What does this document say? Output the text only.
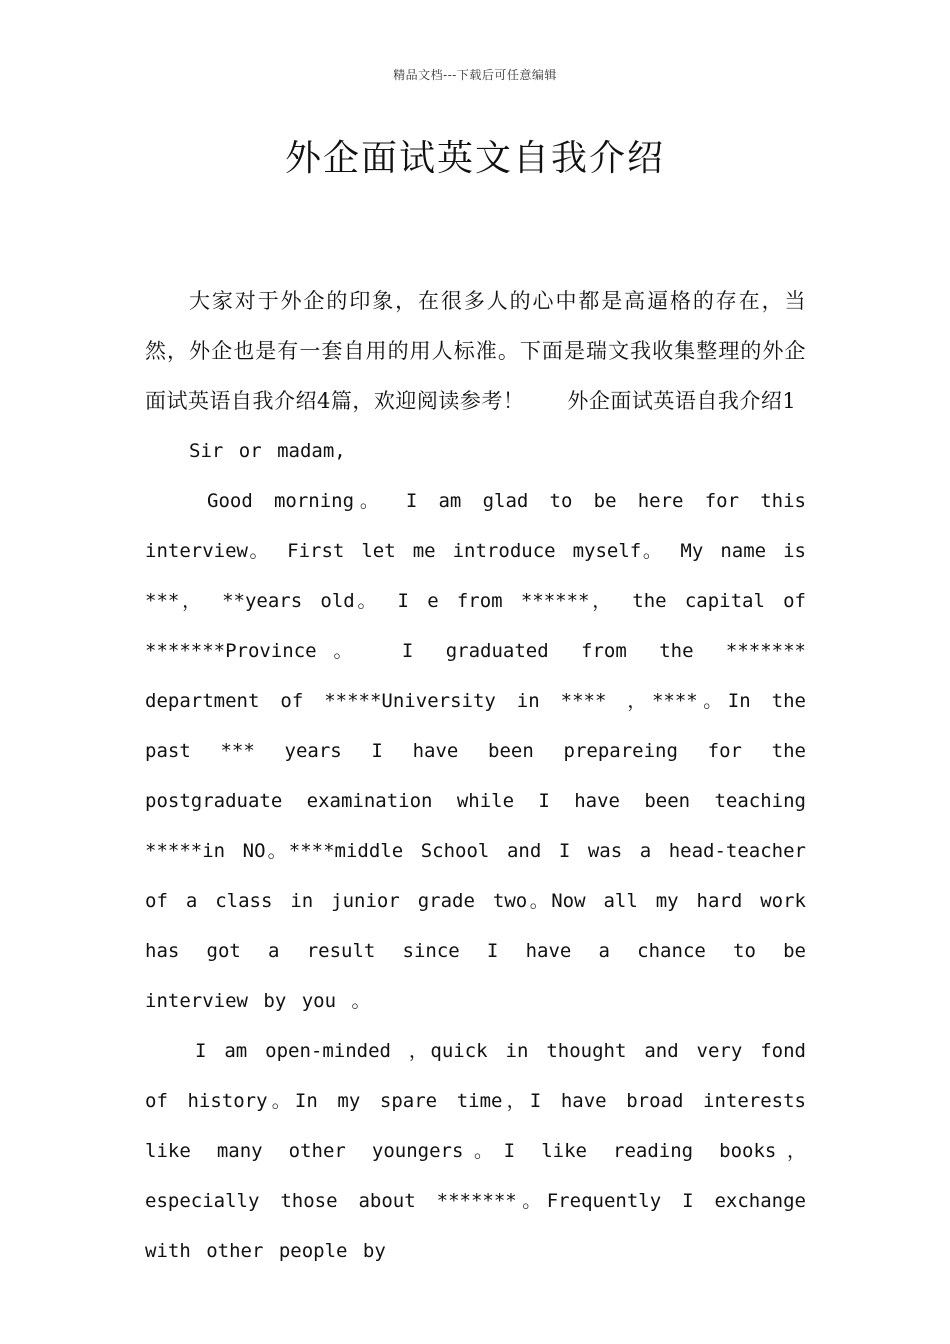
精品文档---下载后可任意编辑
外企面试英文自我介绍

大家对于外企的印象，在很多人的心中都是高逼格的存在，当然，外企也是有一套自用的用人标准。下面是瑞文我收集整理的外企面试英语自我介绍4篇，欢迎阅读参考！　　外企面试英语自我介绍1

Sir or madam,

Good morning。 I am glad to be here for this interview。 First let me introduce myself。 My name is ***， **years old。 I e from ******， the capital of *******Province。 I graduated from the ******* department of *****University in **** ，****。In the past *** years I have been prepareing for the postgraduate examination while I have been teaching *****in NO。****middle School and I was a head-teacher of a class in junior grade two。Now all my hard work has got a result since I have a chance to be interview by you 。

I am open-minded ，quick in thought and very fond of history。In my spare time，I have broad interests like many other youngers。I like reading books， especially those about *******。Frequently I exchange with other people by
